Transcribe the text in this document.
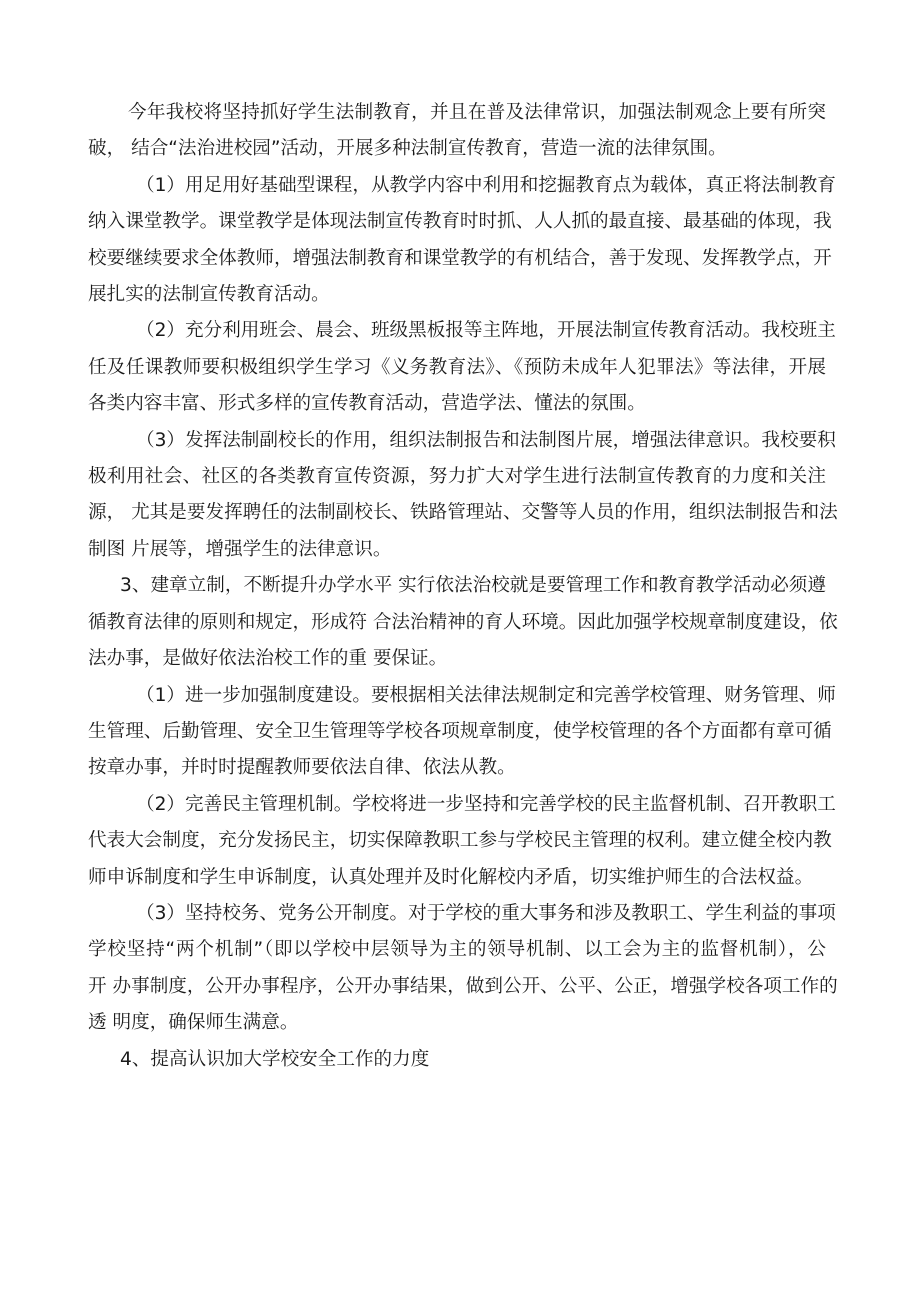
今年我校将坚持抓好学生法制教育，并且在普及法律常识，加强法制观念上要有所突
破， 结合“法治进校园”活动，开展多种法制宣传教育，营造一流的法律氛围。

（1）用足用好基础型课程，从教学内容中利用和挖掘教育点为载体，真正将法制教育
纳入课堂教学。课堂教学是体现法制宣传教育时时抓、人人抓的最直接、最基础的体现，我
校要继续要求全体教师，增强法制教育和课堂教学的有机结合，善于发现、发挥教学点，开
展扎实的法制宣传教育活动。

（2）充分利用班会、晨会、班级黑板报等主阵地，开展法制宣传教育活动。我校班主
任及任课教师要积极组织学生学习《义务教育法》、《预防未成年人犯罪法》等法律，开展
各类内容丰富、形式多样的宣传教育活动，营造学法、懂法的氛围。

（3）发挥法制副校长的作用，组织法制报告和法制图片展，增强法律意识。我校要积
极利用社会、社区的各类教育宣传资源，努力扩大对学生进行法制宣传教育的力度和关注
源， 尤其是要发挥聘任的法制副校长、铁路管理站、交警等人员的作用，组织法制报告和法
制图 片展等，增强学生的法律意识。

3、建章立制，不断提升办学水平 实行依法治校就是要管理工作和教育教学活动必须遵
循教育法律的原则和规定，形成符 合法治精神的育人环境。因此加强学校规章制度建设，依
法办事，是做好依法治校工作的重 要保证。

（1）进一步加强制度建设。要根据相关法律法规制定和完善学校管理、财务管理、师
生管理、后勤管理、安全卫生管理等学校各项规章制度，使学校管理的各个方面都有章可循
按章办事，并时时提醒教师要依法自律、依法从教。

（2）完善民主管理机制。学校将进一步坚持和完善学校的民主监督机制、召开教职工
代表大会制度，充分发扬民主，切实保障教职工参与学校民主管理的权利。建立健全校内教
师申诉制度和学生申诉制度，认真处理并及时化解校内矛盾，切实维护师生的合法权益。

（3）坚持校务、党务公开制度。对于学校的重大事务和涉及教职工、学生利益的事项
学校坚持“两个机制”（即以学校中层领导为主的领导机制、以工会为主的监督机制），公
开 办事制度，公开办事程序，公开办事结果，做到公开、公平、公正，增强学校各项工作的
透 明度，确保师生满意。

4、提高认识加大学校安全工作的力度
